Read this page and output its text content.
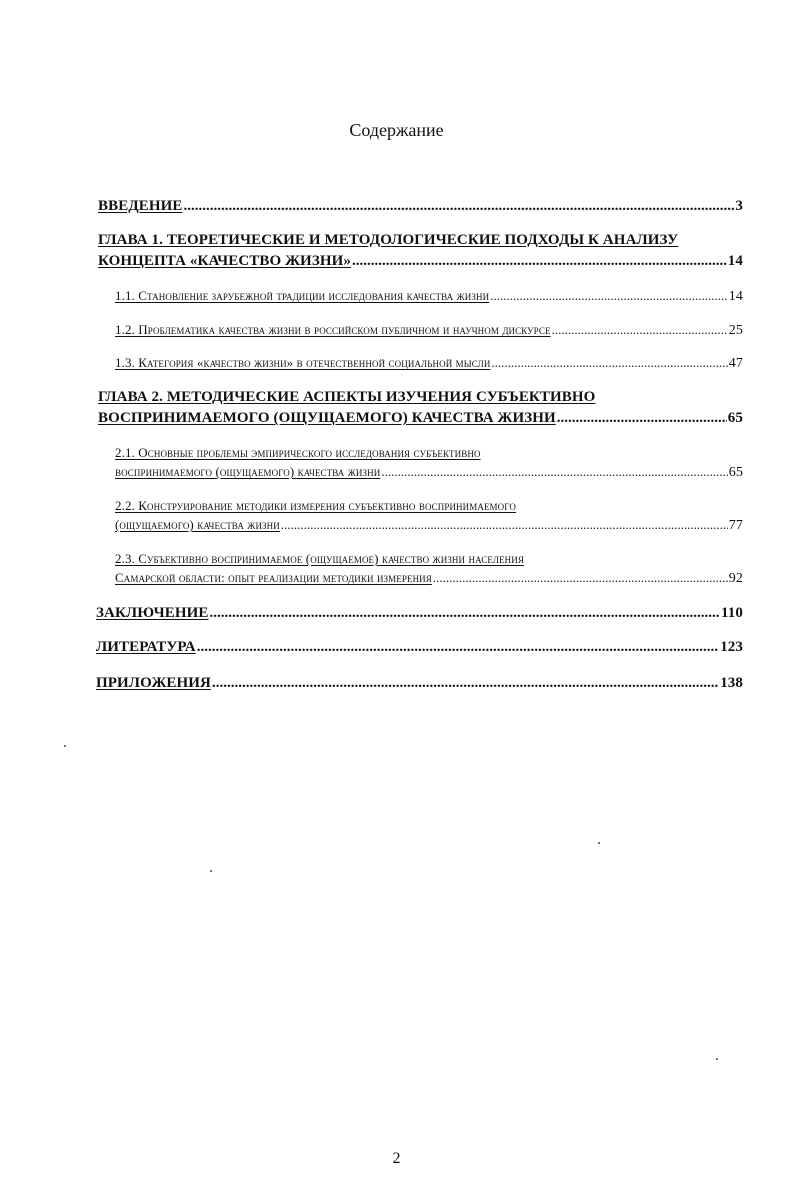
Содержание
ВВЕДЕНИЕ .....	3
ГЛАВА 1. ТЕОРЕТИЧЕСКИЕ И МЕТОДОЛОГИЧЕСКИЕ ПОДХОДЫ К АНАЛИЗУ
КОНЦЕПТА «КАЧЕСТВО ЖИЗНИ» .....	14
1.1. Становление зарубежной традиции исследования качества жизни .....	14
1.2. Проблематика качества жизни в российском публичном и научном дискурсе .....	25
1.3. Категория «качество жизни» в отечественной социальной мысли .....	47
ГЛАВА 2. МЕТОДИЧЕСКИЕ АСПЕКТЫ ИЗУЧЕНИЯ СУБЪЕКТИВНО
ВОСПРИНИМАЕМОГО (ОЩУЩАЕМОГО) КАЧЕСТВА ЖИЗНИ .....	65
2.1. Основные проблемы эмпирического исследования субъективно
воспринимаемого (ощущаемого) качества жизни .....	65
2.2. Конструирование методики измерения субъективно воспринимаемого
(ощущаемого) качества жизни .....	77
2.3. Субъективно воспринимаемое (ощущаемое) качество жизни населения
Самарской области: опыт реализации методики измерения .....	92
ЗАКЛЮЧЕНИЕ .....	110
ЛИТЕРАТУРА .....	123
ПРИЛОЖЕНИЯ .....	138
2
